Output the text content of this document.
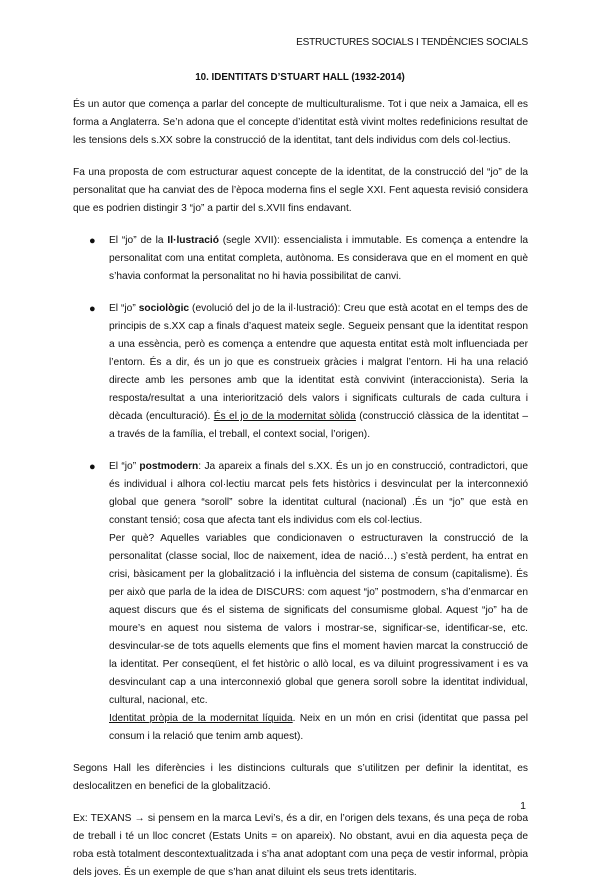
ESTRUCTURES SOCIALS I TENDÈNCIES SOCIALS
10. IDENTITATS D’STUART HALL (1932-2014)

És un autor que comença a parlar del concepte de multiculturalisme. Tot i que neix a Jamaica, ell es forma a Anglaterra. Se’n adona que el concepte d’identitat està vivint moltes redefinicions resultat de les tensions dels s.XX sobre la construcció de la identitat, tant dels individus com dels col·lectius.

Fa una proposta de com estructurar aquest concepte de la identitat, de la construcció del “jo” de la personalitat que ha canviat des de l’època moderna fins el segle XXI. Fent aquesta revisió considera que es podrien distingir 3 “jo” a partir del s.XVII fins endavant.

● El “jo” de la Il·lustració (segle XVII): essencialista i immutable. Es comença a entendre la personalitat com una entitat completa, autònoma. Es considerava que en el moment en què s’havia conformat la personalitat no hi havia possibilitat de canvi.

● El “jo” sociològic (evolució del jo de la il·lustració): Creu que està acotat en el temps des de principis de s.XX cap a finals d’aquest mateix segle. Segueix pensant que la identitat respon a una essència, però es comença a entendre que aquesta entitat està molt influenciada per l’entorn. És a dir, és un jo que es construeix gràcies i malgrat l’entorn. Hi ha una relació directe amb les persones amb que la identitat està convivint (interaccionista). Seria la resposta/resultat a una interiorització dels valors i significats culturals de cada cultura i dècada (enculturació). És el jo de la modernitat sòlida (construcció clàssica de la identitat – a través de la família, el treball, el context social, l’origen).

● El “jo” postmodern: Ja apareix a finals del s.XX. És un jo en construcció, contradictori, que és individual i alhora col·lectiu marcat pels fets històrics i desvinculat per la interconnexió global que genera “soroll” sobre la identitat cultural (nacional) .És un “jo” que està en constant tensió; cosa que afecta tant els individus com els col·lectius.

Per què? Aquelles variables que condicionaven o estructuraven la construcció de la personalitat (classe social, lloc de naixement, idea de nació…) s’està perdent, ha entrat en crisi, bàsicament per la globalització i la influència del sistema de consum (capitalisme). És per això que parla de la idea de DISCURS: com aquest “jo” postmodern, s’ha d’enmarcar en aquest discurs que és el sistema de significats del consumisme global. Aquest “jo” ha de moure’s en aquest nou sistema de valors i mostrar-se, significar-se, identificar-se, etc. desvincular-se de tots aquells elements que fins el moment havien marcat la construcció de la identitat. Per conseqüent, el fet històric o allò local, es va diluint progressivament i es va desvinculant cap a una interconnexió global que genera soroll sobre la identitat individual, cultural, nacional, etc.

Identitat pròpia de la modernitat líquida. Neix en un món en crisi (identitat que passa pel consum i la relació que tenim amb aquest).

Segons Hall les diferències i les distincions culturals que s’utilitzen per definir la identitat, es deslocalitzen en benefici de la globalització.

Ex: TEXANS → si pensem en la marca Levi’s, és a dir, en l’origen dels texans, és una peça de roba de treball i té un lloc concret (Estats Units = on apareix). No obstant, avui en dia aquesta peça de roba està totalment descontextualitzada i s’ha anat adoptant com una peça de vestir informal, pròpia dels joves. És un exemple de que s’han anat diluint els seus trets identitaris.

1
